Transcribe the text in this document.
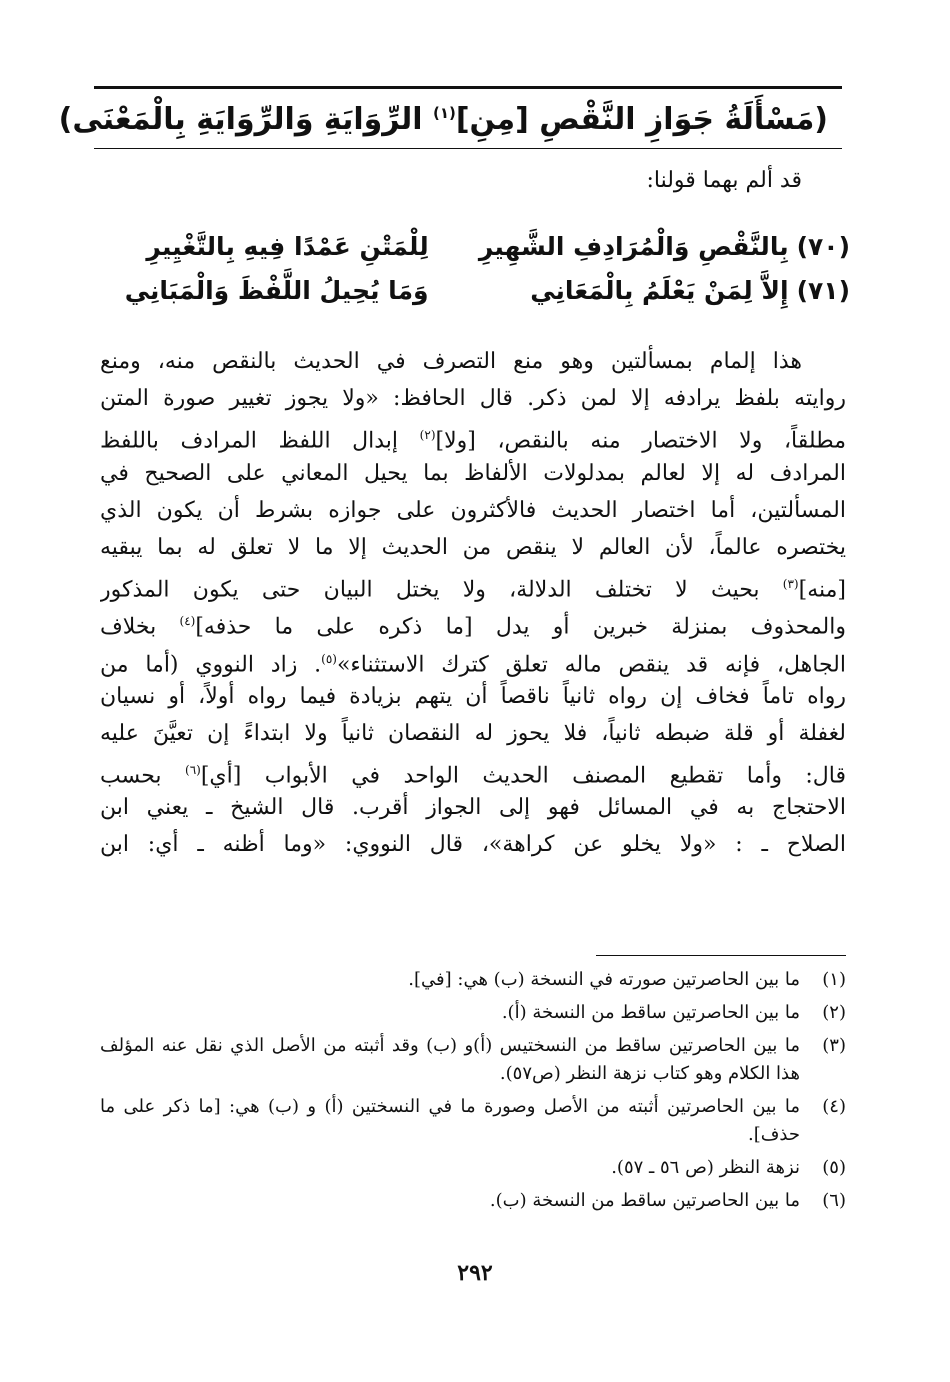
(مَسْأَلَةُ جَوَازِ النَّقْصِ [مِنِ]$^{(١)}$ الرِّوَايَةِ وَالرِّوَايَةِ بِالْمَعْنَى)
قد ألم بهما قولنا:
(٧٠)
بِالنَّقْصِ وَالْمُرَادِفِ الشَّهِيرِ
لِلْمَتْنِ عَمْدًا فِيهِ بِالتَّغْيِيرِ
(٧١)
إِلاَّ لِمَنْ يَعْلَمُ بِالْمَعَانِي
وَمَا يُحِيلُ اللَّفْظَ وَالْمَبَانِي
هذا إلمام بمسألتين وهو منع التصرف في الحديث بالنقص منه، ومنع
روايته بلفظ يرادفه إلا لمن ذكر. قال الحافظ: «ولا يجوز تغيير صورة المتن
مطلقاً، ولا الاختصار منه بالنقص، [ولا]$^{(٢)}$ إبدال اللفظ المرادف باللفظ
المرادف له إلا لعالم بمدلولات الألفاظ بما يحيل المعاني على الصحيح في
المسألتين، أما اختصار الحديث فالأكثرون على جوازه بشرط أن يكون الذي
يختصره عالماً، لأن العالم لا ينقص من الحديث إلا ما لا تعلق له بما يبقيه
[منه]$^{(٣)}$ بحيث لا تختلف الدلالة، ولا يختل البيان حتى يكون المذكور
والمحذوف بمنزلة خبرين أو يدل [ما ذكره على ما حذفه]$^{(٤)}$ بخلاف
الجاهل، فإنه قد ينقص ماله تعلق كترك الاستثناء»$^{(٥)}$. زاد النووي (أما من
رواه تاماً فخاف إن رواه ثانياً ناقصاً أن يتهم بزيادة فيما رواه أولاً، أو نسيان
لغفلة أو قلة ضبطه ثانياً، فلا يحوز له النقصان ثانياً ولا ابتداءً إن تعيَّنَ عليه
قال: وأما تقطيع المصنف الحديث الواحد في الأبواب [أي]$^{(٦)}$ بحسب
الاحتجاج به في المسائل فهو إلى الجواز أقرب. قال الشيخ ـ يعني ابن
الصلاح ـ : «ولا يخلو عن كراهة»، قال النووي: «وما أظنه ـ أي: ابن
(١)
ما بين الحاصرتين صورته في النسخة (ب) هي: [في].
(٢)
ما بين الحاصرتين ساقط من النسخة (أ).
(٣)
ما بين الحاصرتين ساقط من النسختيس (أ)و (ب) وقد أثبته من الأصل الذي نقل عنه المؤلف هذا الكلام وهو كتاب نزهة النظر (ص٥٧).
(٤)
ما بين الحاصرتين أثبته من الأصل وصورة ما في النسختين (أ) و (ب) هي: [ما ذكر على ما حذف].
(٥)
نزهة النظر (ص ٥٦ ـ ٥٧).
(٦)
ما بين الحاصرتين ساقط من النسخة (ب).
٢٩٢
